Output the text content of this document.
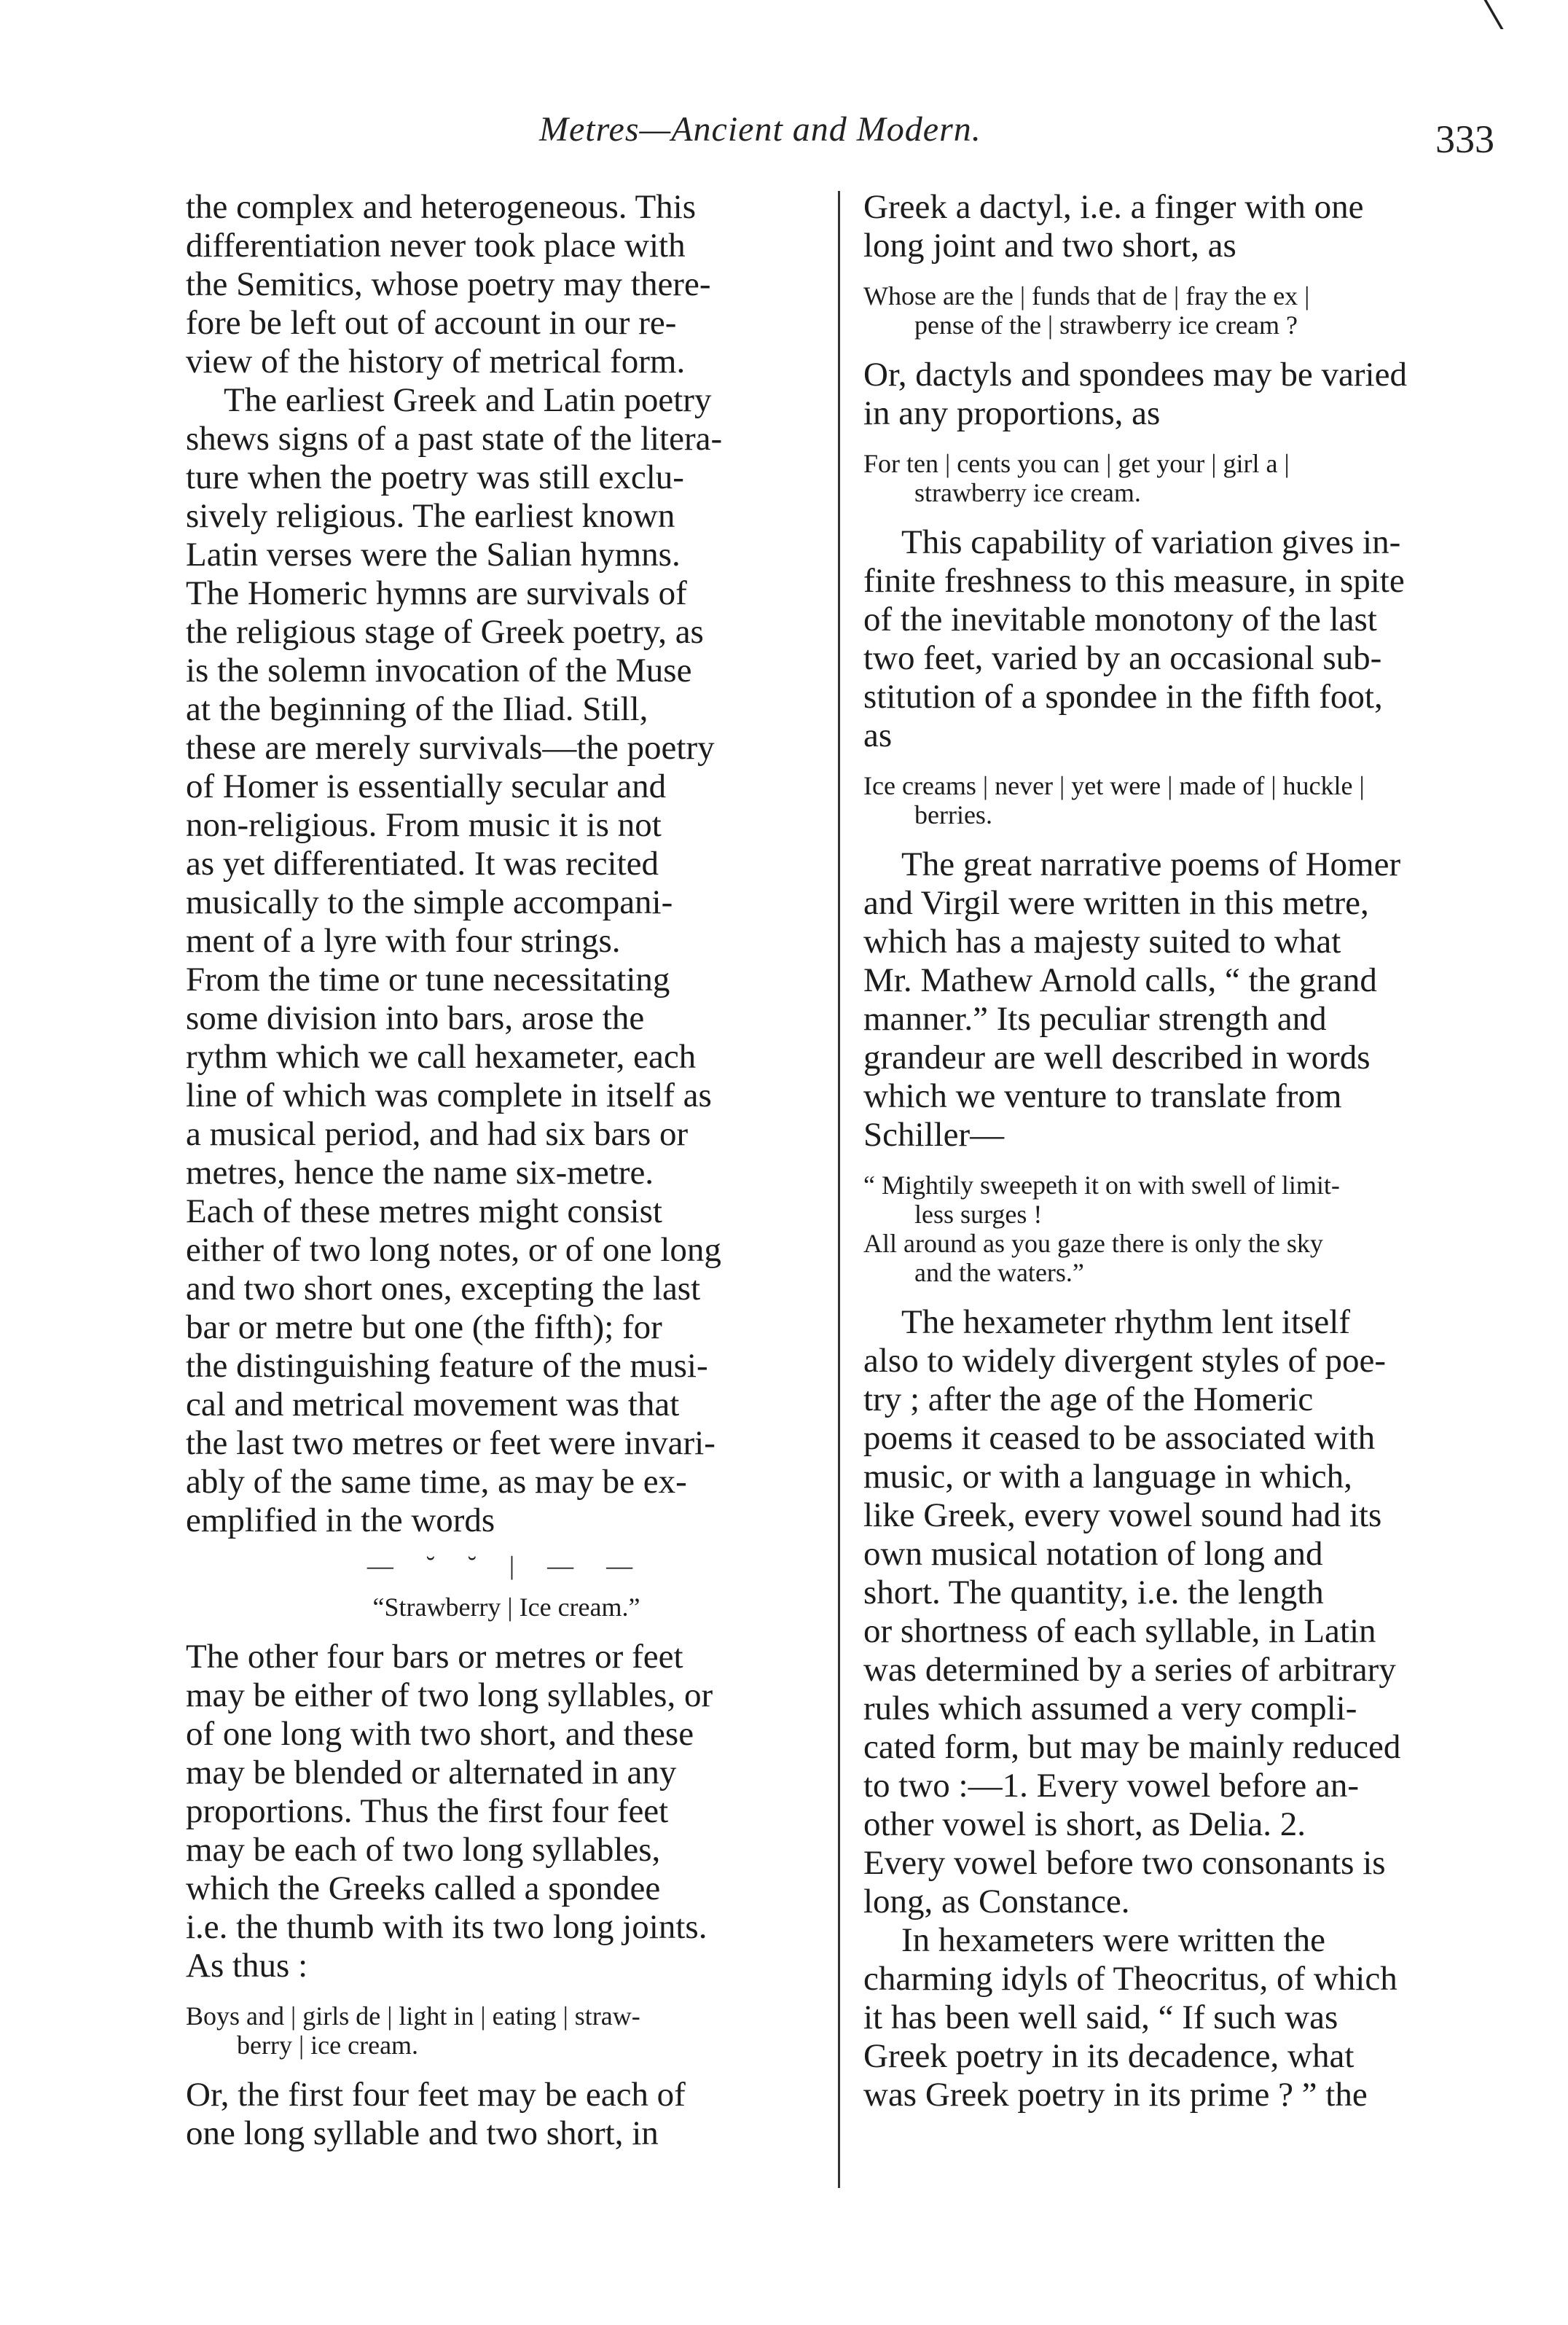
Metres—Ancient and Modern.	333
the complex and heterogeneous. This
differentiation never took place with
the Semitics, whose poetry may there-
fore be left out of account in our re-
view of the history of metrical form.
The earliest Greek and Latin poetry
shews signs of a past state of the litera-
ture when the poetry was still exclu-
sively religious. The earliest known
Latin verses were the Salian hymns.
The Homeric hymns are survivals of
the religious stage of Greek poetry, as
is the solemn invocation of the Muse
at the beginning of the Iliad. Still,
these are merely survivals—the poetry
of Homer is essentially secular and
non-religious. From music it is not
as yet differentiated. It was recited
musically to the simple accompani-
ment of a lyre with four strings.
From the time or tune necessitating
some division into bars, arose the
rythm which we call hexameter, each
line of which was complete in itself as
a musical period, and had six bars or
metres, hence the name six-metre.
Each of these metres might consist
either of two long notes, or of one long
and two short ones, excepting the last
bar or metre but one (the fifth); for
the distinguishing feature of the musi-
cal and metrical movement was that
the last two metres or feet were invari-
ably of the same time, as may be ex-
emplified in the words
— ˘ ˘ | — —
“Strawberry | Ice cream.”
The other four bars or metres or feet
may be either of two long syllables, or
of one long with two short, and these
may be blended or alternated in any
proportions. Thus the first four feet
may be each of two long syllables,
which the Greeks called a spondee
i.e. the thumb with its two long joints.
As thus :
Boys and | girls de | light in | eating | straw-
berry | ice cream.
Or, the first four feet may be each of
one long syllable and two short, in
Greek a dactyl, i.e. a finger with one
long joint and two short, as
Whose are the | funds that de | fray the ex |
pense of the | strawberry ice cream ?
Or, dactyls and spondees may be varied
in any proportions, as
For ten | cents you can | get your | girl a |
strawberry ice cream.
This capability of variation gives in-
finite freshness to this measure, in spite
of the inevitable monotony of the last
two feet, varied by an occasional sub-
stitution of a spondee in the fifth foot,
as
Ice creams | never | yet were | made of | huckle |
berries.
The great narrative poems of Homer
and Virgil were written in this metre,
which has a majesty suited to what
Mr. Mathew Arnold calls, “ the grand
manner.” Its peculiar strength and
grandeur are well described in words
which we venture to translate from
Schiller—
“ Mightily sweepeth it on with swell of limit-
less surges !
All around as you gaze there is only the sky
and the waters.”
The hexameter rhythm lent itself
also to widely divergent styles of poe-
try ; after the age of the Homeric
poems it ceased to be associated with
music, or with a language in which,
like Greek, every vowel sound had its
own musical notation of long and
short. The quantity, i.e. the length
or shortness of each syllable, in Latin
was determined by a series of arbitrary
rules which assumed a very compli-
cated form, but may be mainly reduced
to two :—1. Every vowel before an-
other vowel is short, as Delia. 2.
Every vowel before two consonants is
long, as Constance.
In hexameters were written the
charming idyls of Theocritus, of which
it has been well said, “ If such was
Greek poetry in its decadence, what
was Greek poetry in its prime ? ” the
